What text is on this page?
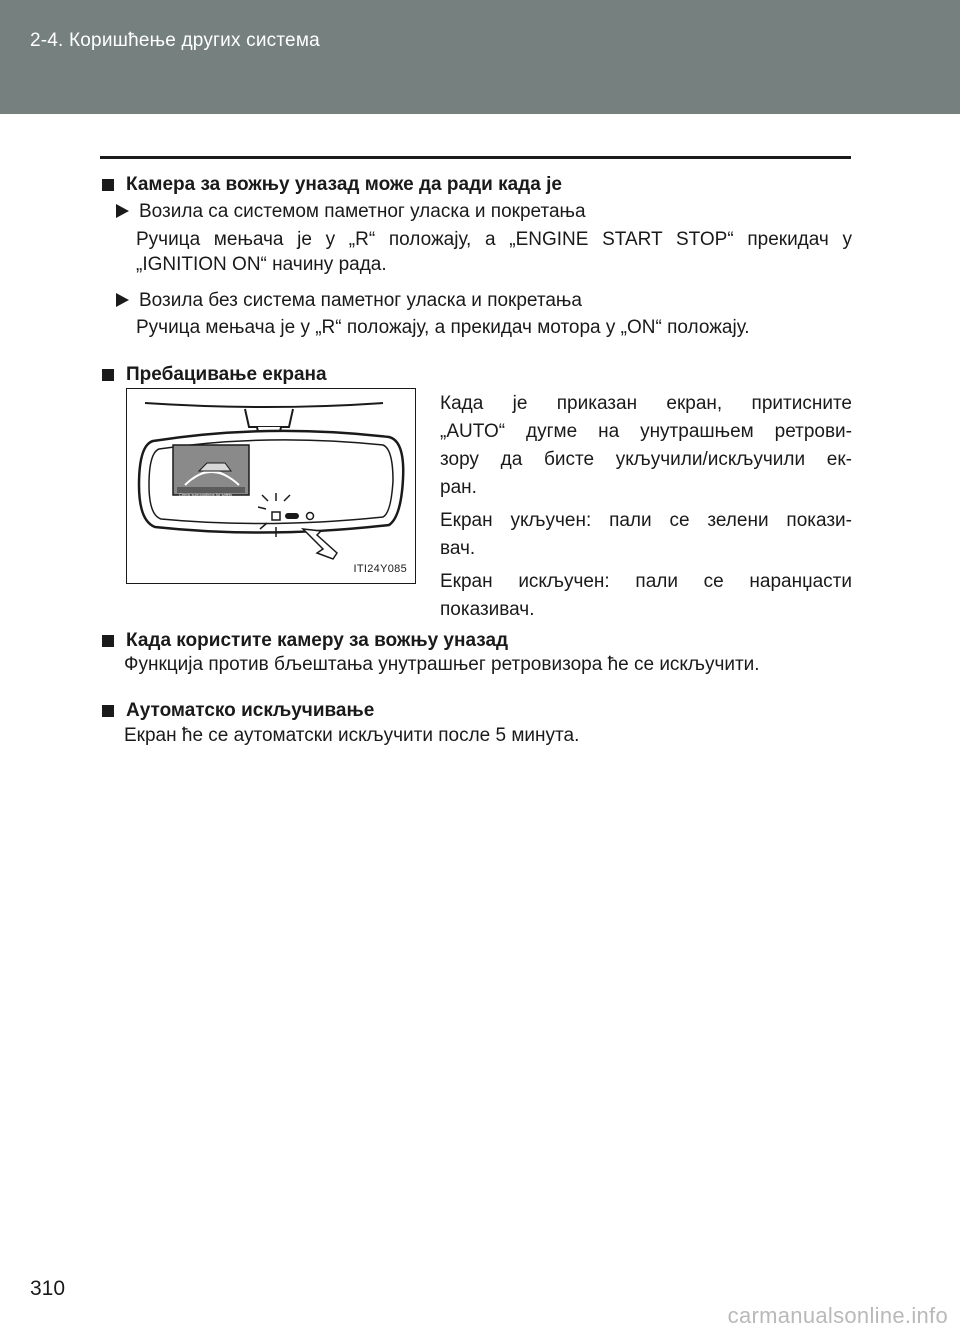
2-4. Коришћење других система
Камера за вожњу уназад може да ради када је
Возила са системом паметног уласка и покретања
Ручица мењача је у „R“ положају, а „ENGINE START STOP“ прекидач у
„IGNITION ON“ начину рада.
Возила без система паметног уласка и покретања
Ручица мењача је у „R“ положају, а прекидач мотора у „ON“ положају.
Пребацивање екрана
Check surroundings for safety
ITI24Y085
Када је приказан екран, притисните
„AUTO“ дугме на унутрашњем ретрови-
зору да бисте укључили/искључили ек-
ран.
Екран укључен: пали се зелени покази-
вач.
Екран искључен: пали се наранџасти
показивач.
Када користите камеру за вожњу уназад
Функција против бљештања унутрашњег ретровизора ће се искључити.
Аутоматско искључивање
Екран ће се аутоматски искључити после 5 минута.
310
carmanualsonline.info
